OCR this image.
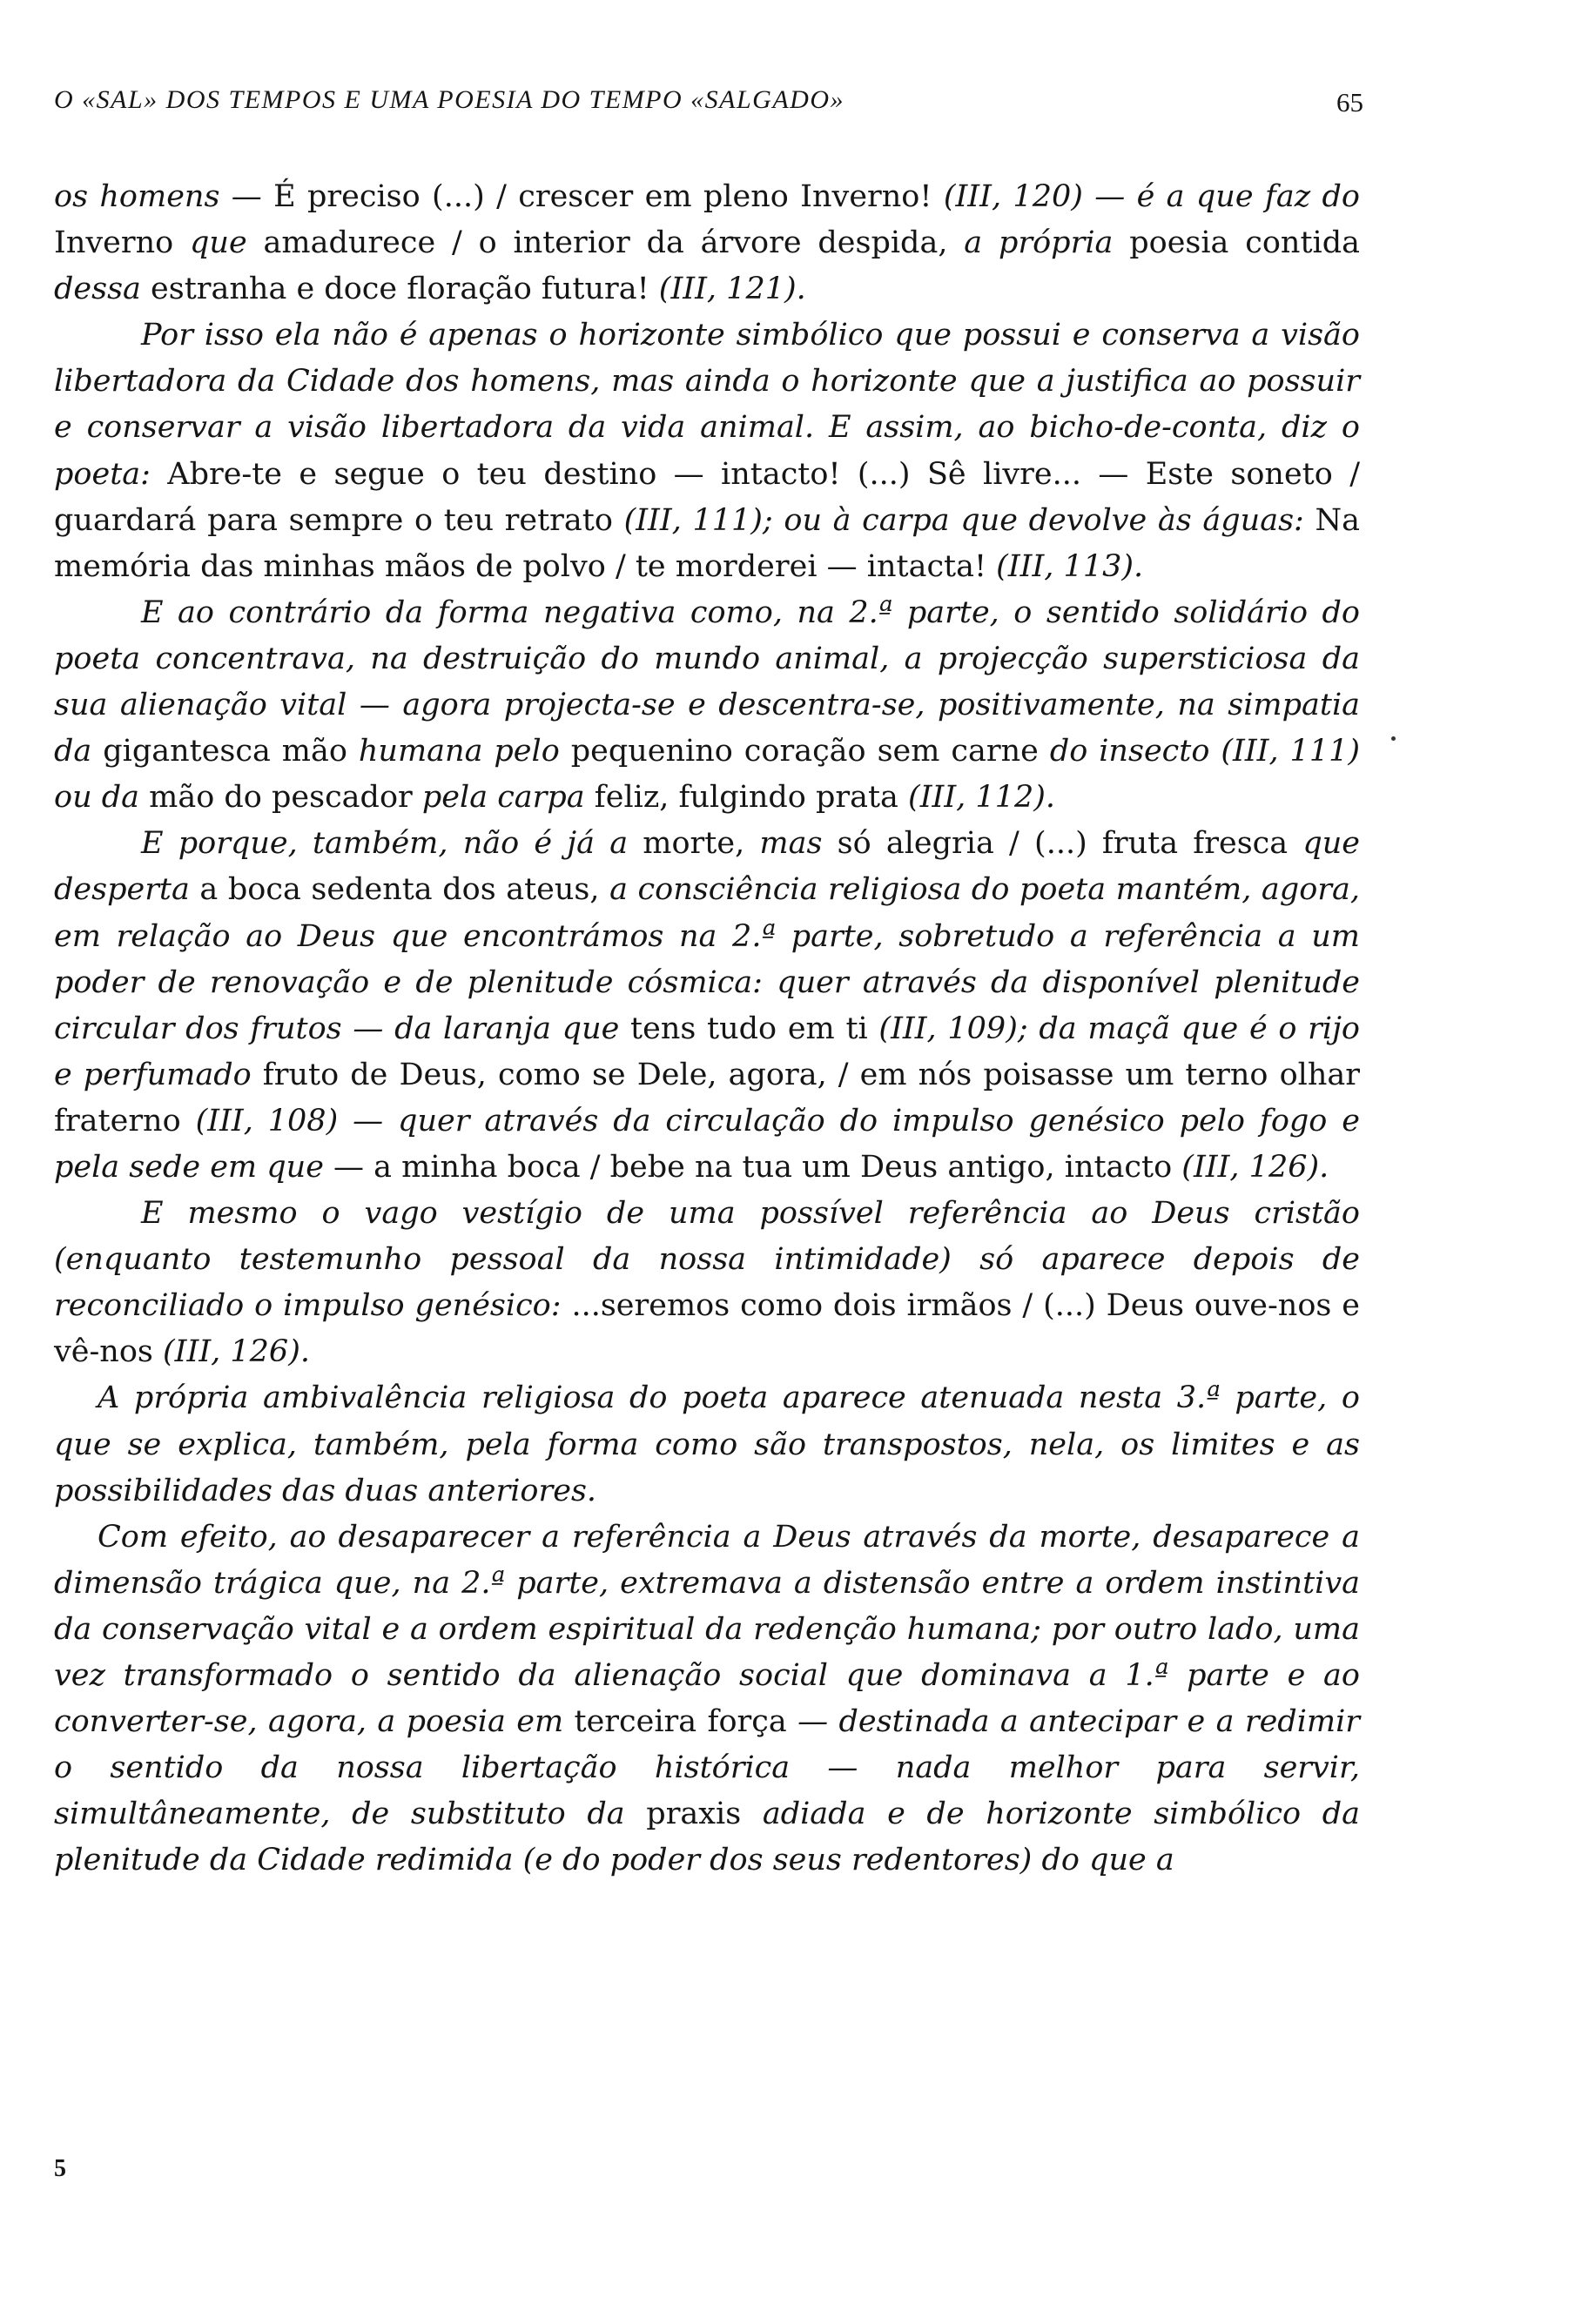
O «SAL» DOS TEMPOS E UMA POESIA DO TEMPO «SALGADO»	65

os homens — É preciso (...) / crescer em pleno Inverno! (III, 120) — é a que faz do Inverno que amadurece / o interior da árvore despida, a própria poesia contida dessa estranha e doce floração futura! (III, 121).

Por isso ela não é apenas o horizonte simbólico que possui e conserva a visão libertadora da Cidade dos homens, mas ainda o horizonte que a justifica ao possuir e conservar a visão libertadora da vida animal. E assim, ao bicho-de-conta, diz o poeta: Abre-te e segue o teu destino — intacto! (...) Sê livre... — Este soneto / guardará para sempre o teu retrato (III, 111); ou à carpa que devolve às águas: Na memória das minhas mãos de polvo / te morderei — intacta! (III, 113).

E ao contrário da forma negativa como, na 2.ª parte, o sentido solidário do poeta concentrava, na destruição do mundo animal, a projecção supersticiosa da sua alienação vital — agora projecta-se e descentra-se, positivamente, na simpatia da gigantesca mão humana pelo pequenino coração sem carne do insecto (III, 111) ou da mão do pescador pela carpa feliz, fulgindo prata (III, 112).

E porque, também, não é já a morte, mas só alegria / (...) fruta fresca que desperta a boca sedenta dos ateus, a consciência religiosa do poeta mantém, agora, em relação ao Deus que encontrámos na 2.ª parte, sobretudo a referência a um poder de renovação e de plenitude cósmica: quer através da disponível plenitude circular dos frutos — da laranja que tens tudo em ti (III, 109); da maçã que é o rijo e perfumado fruto de Deus, como se Dele, agora, / em nós poisasse um terno olhar fraterno (III, 108) — quer através da circulação do impulso genésico pelo fogo e pela sede em que — a minha boca / bebe na tua um Deus antigo, intacto (III, 126).

E mesmo o vago vestígio de uma possível referência ao Deus cristão (enquanto testemunho pessoal da nossa intimidade) só aparece depois de reconciliado o impulso genésico: ...seremos como dois irmãos / (...) Deus ouve-nos e vê-nos (III, 126).

A própria ambivalência religiosa do poeta aparece atenuada nesta 3.ª parte, o que se explica, também, pela forma como são transpostos, nela, os limites e as possibilidades das duas anteriores.

Com efeito, ao desaparecer a referência a Deus através da morte, desaparece a dimensão trágica que, na 2.ª parte, extremava a distensão entre a ordem instintiva da conservação vital e a ordem espiritual da redenção humana; por outro lado, uma vez transformado o sentido da alienação social que dominava a 1.ª parte e ao converter-se, agora, a poesia em terceira força — destinada a antecipar e a redimir o sentido da nossa libertação histórica — nada melhor para servir, simultâneamente, de substituto da praxis adiada e de horizonte simbólico da plenitude da Cidade redimida (e do poder dos seus redentores) do que a

5
